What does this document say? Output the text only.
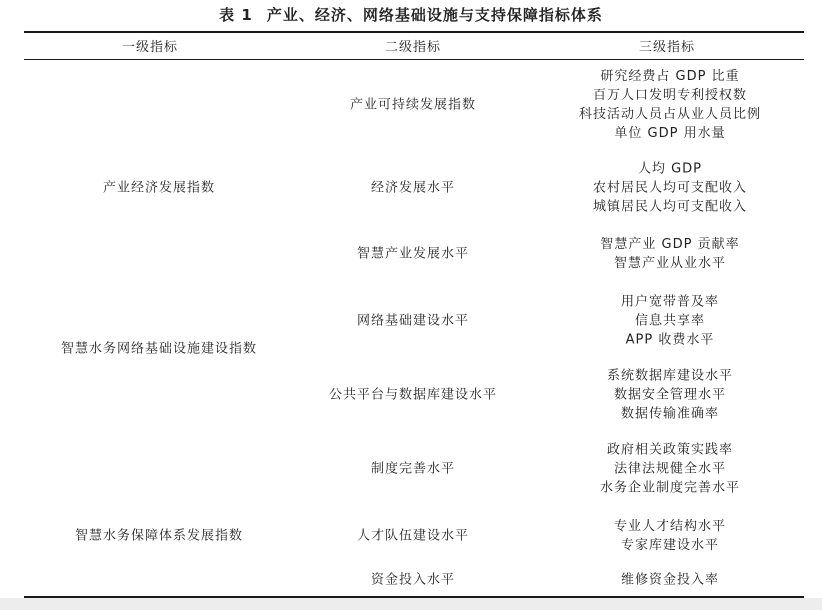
表 1 产业、经济、网络基础设施与支持保障指标体系
一级指标	二级指标	三级指标
产业经济发展指数
智慧水务网络基础设施建设指数
智慧水务保障体系发展指数
产业可持续发展指数
经济发展水平
智慧产业发展水平
网络基础建设水平
公共平台与数据库建设水平
制度完善水平
人才队伍建设水平
资金投入水平
研究经费占 GDP 比重
百万人口发明专利授权数
科技活动人员占从业人员比例
单位 GDP 用水量
人均 GDP
农村居民人均可支配收入
城镇居民人均可支配收入
智慧产业 GDP 贡献率
智慧产业从业水平
用户宽带普及率
信息共享率
APP 收费水平
系统数据库建设水平
数据安全管理水平
数据传输准确率
政府相关政策实践率
法律法规健全水平
水务企业制度完善水平
专业人才结构水平
专家库建设水平
维修资金投入率
